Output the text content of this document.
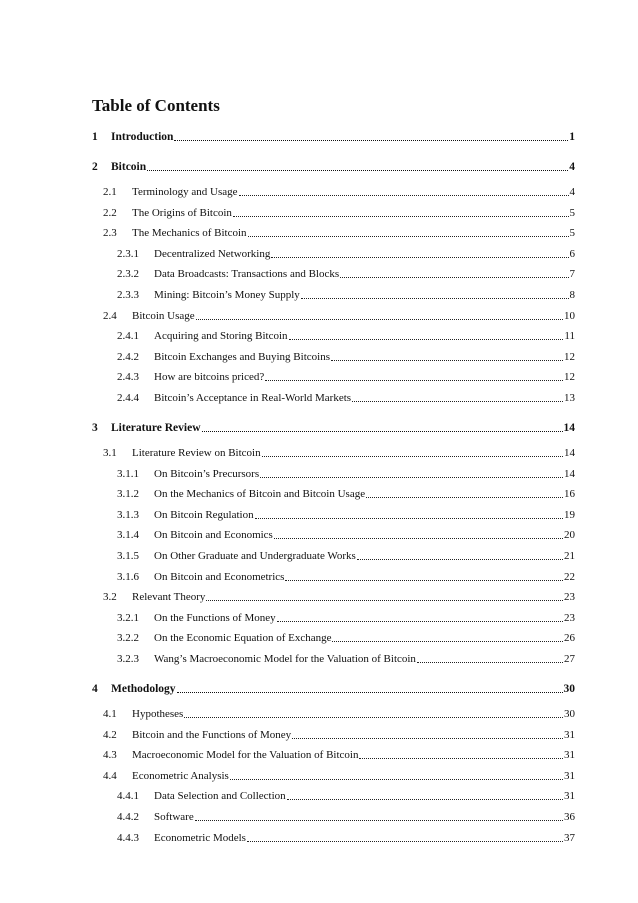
Table of Contents
1	Introduction	1
2	Bitcoin	4
2.1	Terminology and Usage	4
2.2	The Origins of Bitcoin	5
2.3	The Mechanics of Bitcoin	5
2.3.1	Decentralized Networking	6
2.3.2	Data Broadcasts: Transactions and Blocks	7
2.3.3	Mining: Bitcoin’s Money Supply	8
2.4	Bitcoin Usage	10
2.4.1	Acquiring and Storing Bitcoin	11
2.4.2	Bitcoin Exchanges and Buying Bitcoins	12
2.4.3	How are bitcoins priced?	12
2.4.4	Bitcoin’s Acceptance in Real-World Markets	13
3	Literature Review	14
3.1	Literature Review on Bitcoin	14
3.1.1	On Bitcoin’s Precursors	14
3.1.2	On the Mechanics of Bitcoin and Bitcoin Usage	16
3.1.3	On Bitcoin Regulation	19
3.1.4	On Bitcoin and Economics	20
3.1.5	On Other Graduate and Undergraduate Works	21
3.1.6	On Bitcoin and Econometrics	22
3.2	Relevant Theory	23
3.2.1	On the Functions of Money	23
3.2.2	On the Economic Equation of Exchange	26
3.2.3	Wang’s Macroeconomic Model for the Valuation of Bitcoin	27
4	Methodology	30
4.1	Hypotheses	30
4.2	Bitcoin and the Functions of Money	31
4.3	Macroeconomic Model for the Valuation of Bitcoin	31
4.4	Econometric Analysis	31
4.4.1	Data Selection and Collection	31
4.4.2	Software	36
4.4.3	Econometric Models	37
